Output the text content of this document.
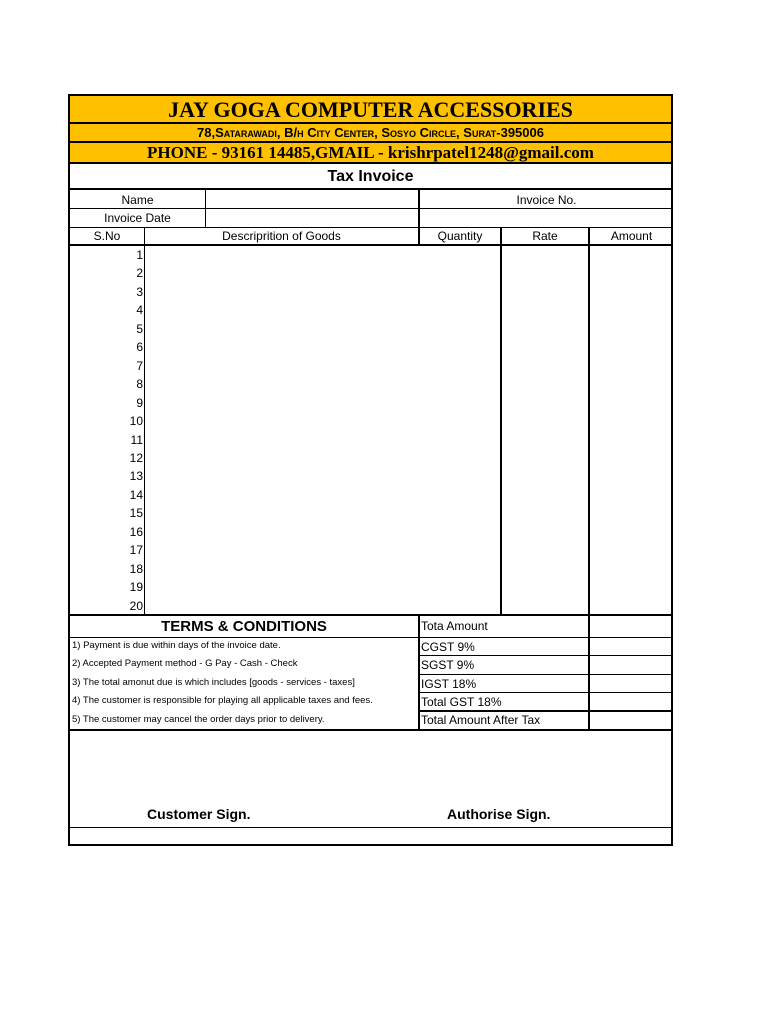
JAY GOGA COMPUTER ACCESSORIES
78,Satarawadi, B/h City Center, Sosyo Circle, Surat-395006
PHONE - 93161 14485,GMAIL - krishrpatel1248@gmail.com
Tax Invoice
Name
Invoice Date
Invoice No.
S.No	Descriprition of Goods	Quantity	Rate	Amount
1
2
3
4
5
6
7
8
9
10
11
12
13
14
15
16
17
18
19
20
TERMS & CONDITIONS
1) Payment is due within days of the invoice date.
2) Accepted Payment method - G Pay - Cash - Check
3) The total amonut due is which includes [goods - services - taxes]
4) The customer is responsible for playing all applicable taxes and fees.
5) The customer may cancel the order days prior to delivery.
Tota Amount
CGST 9%
SGST 9%
IGST 18%
Total GST 18%
Total Amount After Tax
Customer Sign.	Authorise Sign.
